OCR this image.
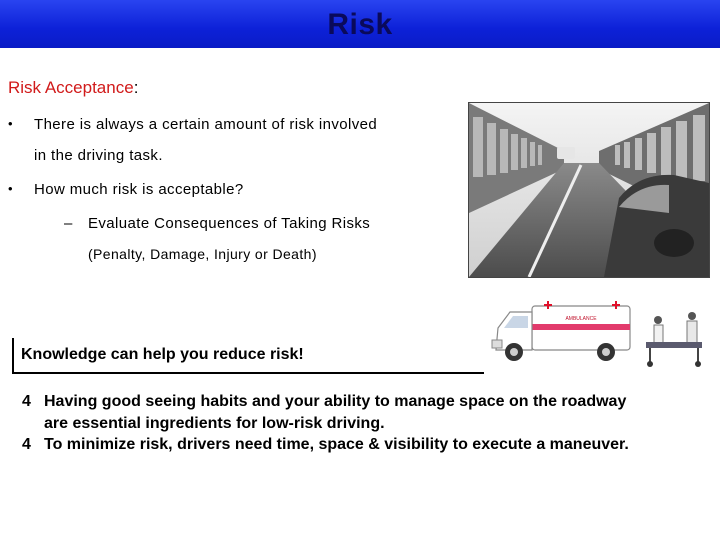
Risk
Risk Acceptance:
• There is always a certain amount of risk involved
in the driving task.
• How much risk is acceptable?
– Evaluate Consequences of Taking Risks
(Penalty, Damage, Injury or Death)
AMBULANCE
Knowledge can help you reduce risk!
4 Having good seeing habits and your ability to manage space on the roadway
are essential ingredients for low-risk driving.
4 To minimize risk, drivers need time, space & visibility to execute a maneuver.
